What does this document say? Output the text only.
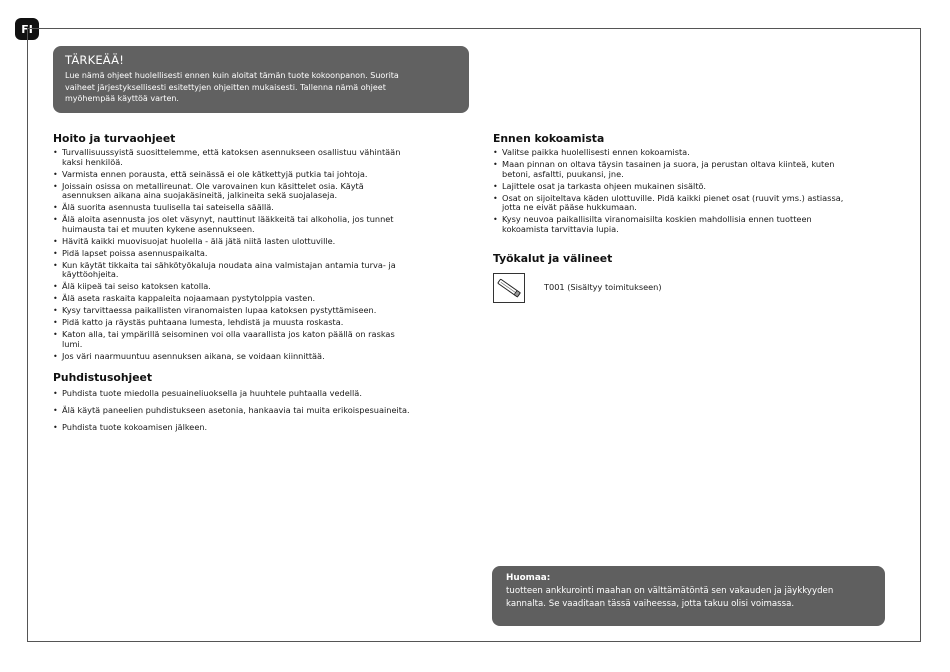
FI
TÄRKEÄÄ!

Lue nämä ohjeet huolellisesti ennen kuin aloitat tämän tuote kokoonpanon. Suorita
vaiheet järjestyksellisesti esitettyjen ohjeitten mukaisesti. Tallenna nämä ohjeet
myöhempää käyttöä varten.

Hoito ja turvaohjeet
• Turvallisuussyistä suosittelemme, että katoksen asennukseen osallistuu vähintään
kaksi henkilöä.
• Varmista ennen porausta, että seinässä ei ole kätkettyjä putkia tai johtoja.
• Joissain osissa on metallireunat. Ole varovainen kun käsittelet osia. Käytä
asennuksen aikana aina suojakäsineitä, jalkineita sekä suojalaseja.
• Älä suorita asennusta tuulisella tai sateisella säällä.
• Älä aloita asennusta jos olet väsynyt, nauttinut lääkkeitä tai alkoholia, jos tunnet
huimausta tai et muuten kykene asennukseen.
• Hävitä kaikki muovisuojat huolella - älä jätä niitä lasten ulottuville.
• Pidä lapset poissa asennuspaikalta.
• Kun käytät tikkaita tai sähkötyökaluja noudata aina valmistajan antamia turva- ja
käyttöohjeita.
• Älä kiipeä tai seiso katoksen katolla.
• Älä aseta raskaita kappaleita nojaamaan pystytolppia vasten.
• Kysy tarvittaessa paikallisten viranomaisten lupaa katoksen pystyttämiseen.
• Pidä katto ja räystäs puhtaana lumesta, lehdistä ja muusta roskasta.
• Katon alla, tai ympärillä seisominen voi olla vaarallista jos katon päällä on raskas
lumi.
• Jos väri naarmuuntuu asennuksen aikana, se voidaan kiinnittää.
Puhdistusohjeet
• Puhdista tuote miedolla pesuaineliuoksella ja huuhtele puhtaalla vedellä.
• Älä käytä paneelien puhdistukseen asetonia, hankaavia tai muita erikoispesuaineita.
• Puhdista tuote kokoamisen jälkeen.
Ennen kokoamista
• Valitse paikka huolellisesti ennen kokoamista.
• Maan pinnan on oltava täysin tasainen ja suora, ja perustan oltava kiinteä, kuten
betoni, asfaltti, puukansi, jne.
• Lajittele osat ja tarkasta ohjeen mukainen sisältö.
• Osat on sijoiteltava käden ulottuville. Pidä kaikki pienet osat (ruuvit yms.) astiassa,
jotta ne eivät pääse hukkumaan.
• Kysy neuvoa paikallisilta viranomaisilta koskien mahdollisia ennen tuotteen
kokoamista tarvittavia lupia.
Työkalut ja välineet
T001 (Sisältyy toimitukseen)
Huomaa:

tuotteen ankkurointi maahan on välttämätöntä sen vakauden ja jäykkyyden
kannalta. Se vaaditaan tässä vaiheessa, jotta takuu olisi voimassa.
